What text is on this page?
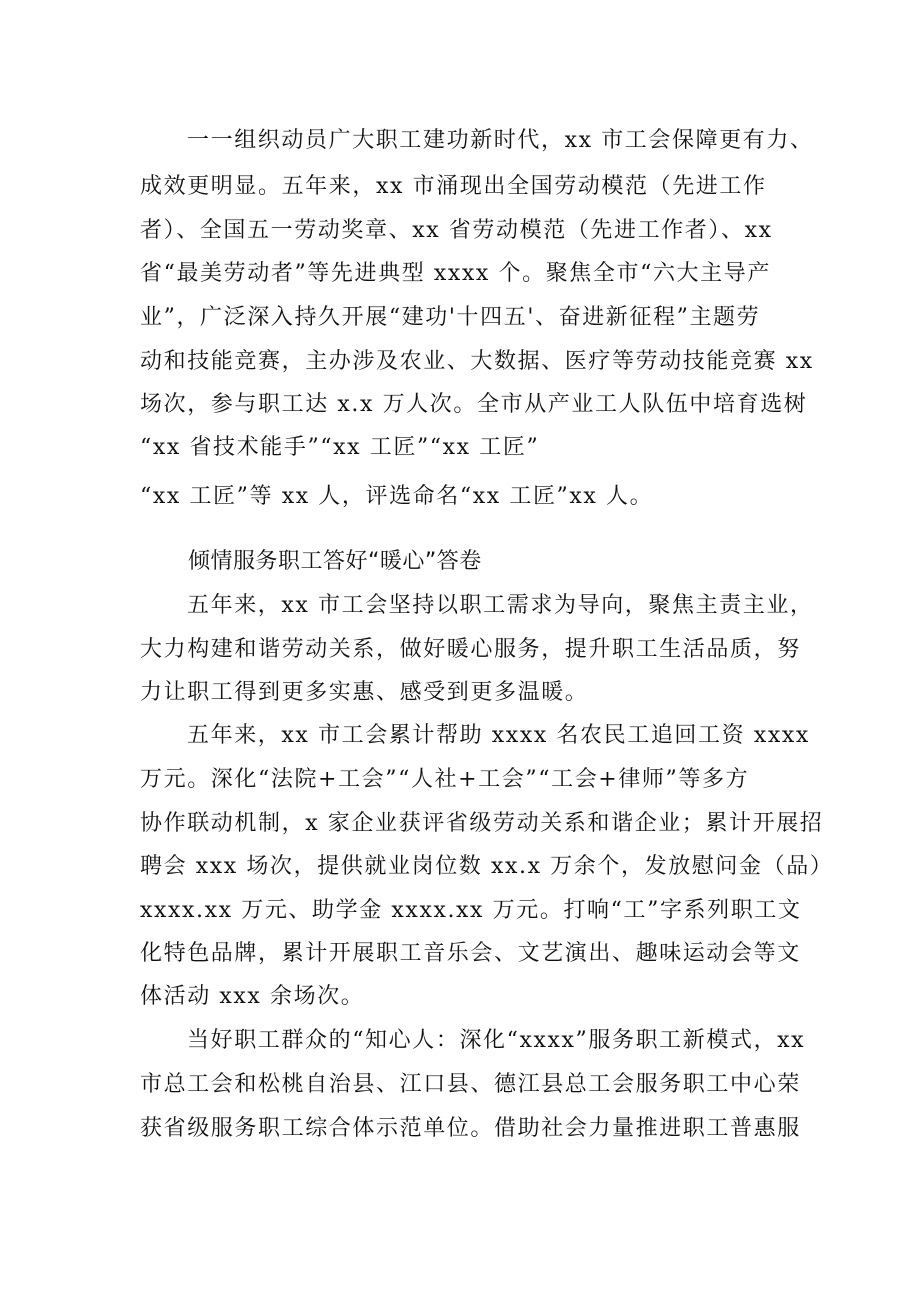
一一组织动员广大职工建功新时代，xx 市工会保障更有力、
成效更明显。五年来，xx 市涌现出全国劳动模范（先进工作
者）、全国五一劳动奖章、xx 省劳动模范（先进工作者）、xx
省“最美劳动者”等先进典型 xxxx 个。聚焦全市“六大主导产
业”，广泛深入持久开展“建功'十四五'、奋进新征程”主题劳
动和技能竞赛，主办涉及农业、大数据、医疗等劳动技能竞赛 xx
场次，参与职工达 x.x 万人次。全市从产业工人队伍中培育选树
“xx 省技术能手”“xx 工匠”“xx 工匠”
“xx 工匠”等 xx 人，评选命名“xx 工匠”xx 人。
倾情服务职工答好“暖心”答卷
五年来，xx 市工会坚持以职工需求为导向，聚焦主责主业，
大力构建和谐劳动关系，做好暖心服务，提升职工生活品质，努
力让职工得到更多实惠、感受到更多温暖。
五年来，xx 市工会累计帮助 xxxx 名农民工追回工资 xxxx
万元。深化“法院+工会”“人社+工会”“工会+律师”等多方
协作联动机制，x 家企业获评省级劳动关系和谐企业；累计开展招
聘会 xxx 场次，提供就业岗位数 xx.x 万余个，发放慰问金（品）
xxxx.xx 万元、助学金 xxxx.xx 万元。打响“工”字系列职工文
化特色品牌，累计开展职工音乐会、文艺演出、趣味运动会等文
体活动 xxx 余场次。
当好职工群众的“知心人：深化“xxxx”服务职工新模式，xx
市总工会和松桃自治县、江口县、德江县总工会服务职工中心荣
获省级服务职工综合体示范单位。借助社会力量推进职工普惠服
